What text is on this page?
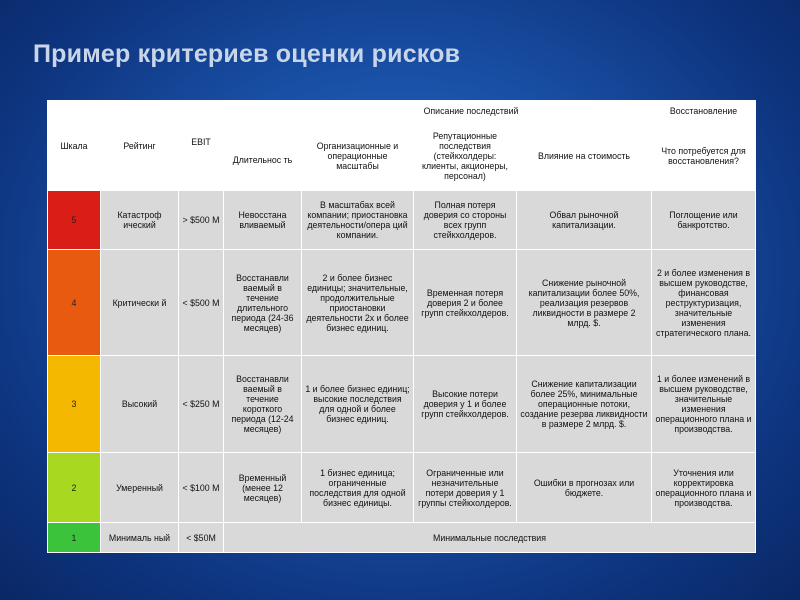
Пример критериев оценки рисков
Шкала	Рейтинг	EBIT	Описание последствий				Восстановление
			Длительнос ть	Организационные и операционные масштабы	Репутационные последствия (стейкхолдеры: клиенты, акционеры, персонал)	Влияние на стоимость	Что потребуется для восстановления?
5	Катастроф ический	> $500 M	Невосстана вливаемый	В масштабах всей компании; приостановка деятельности/опера ций компании.	Полная потеря доверия со стороны всех групп стейкхолдеров.	Обвал рыночной капитализации.	Поглощение или банкротство.
4	Критически й	< $500 M	Восстанавли ваемый в течение длительного периода (24-36 месяцев)	2 и более бизнес единицы; значительные, продолжительные приостановки деятельности 2х и более бизнес единиц.	Временная потеря доверия 2 и более групп стейкхолдеров.	Снижение рыночной капитализации более 50%, реализация резервов ликвидности в размере 2 млрд. $.	2 и более изменения в высшем руководстве, финансовая реструктуризация, значительные изменения стратегического плана.
3	Высокий	< $250 M	Восстанавли ваемый в течение короткого периода (12-24 месяцев)	1 и более бизнес единиц; высокие последствия для одной и более бизнес единиц.	Высокие потери доверия у 1 и более групп стейкхолдеров.	Снижение капитализации более 25%, минимальные операционные потоки, создание резерва ликвидности в размере 2 млрд. $.	1 и более изменений в высшем руководстве, значительные изменения операционного плана и производства.
2	Умеренный	< $100 M	Временный (менее 12 месяцев)	1 бизнес единица; ограниченные последствия для одной бизнес единицы.	Ограниченные или незначительные потери доверия у 1 группы стейкхолдеров.	Ошибки в прогнозах или бюджете.	Уточнения или корректировка операционного плана и производства.
1	Минималь ный	< $50M	Минимальные последствия				
